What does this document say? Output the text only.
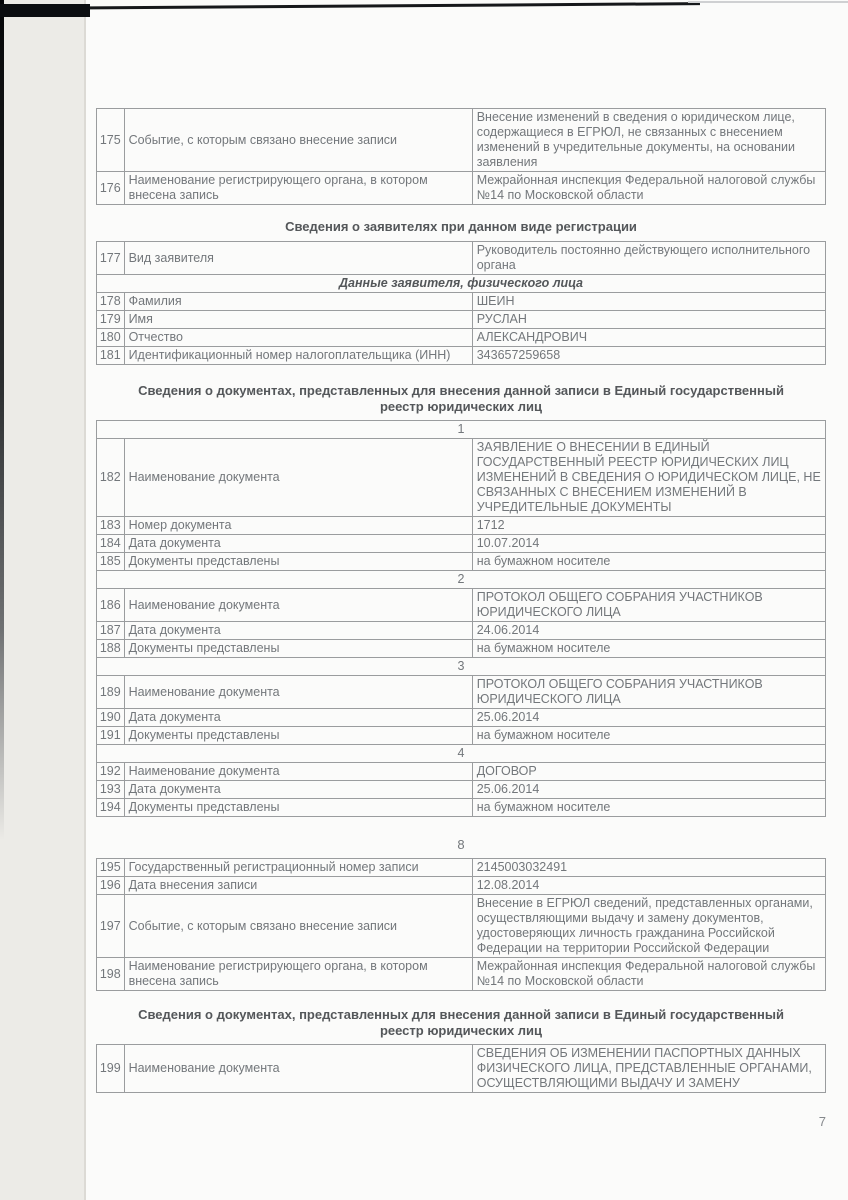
175	Событие, с которым связано внесение записи	Внесение изменений в сведения о юридическом лице, содержащиеся в ЕГРЮЛ, не связанных с внесением изменений в учредительные документы, на основании заявления
176	Наименование регистрирующего органа, в котором внесена запись	Межрайонная инспекция Федеральной налоговой службы №14 по Московской области
Сведения о заявителях при данном виде регистрации
177	Вид заявителя	Руководитель постоянно действующего исполнительного органа
Данные заявителя, физического лица		
178	Фамилия	ШЕИН
179	Имя	РУСЛАН
180	Отчество	АЛЕКСАНДРОВИЧ
181	Идентификационный номер налогоплательщика (ИНН)	343657259658
Сведения о документах, представленных для внесения данной записи в Единый государственный
реестр юридических лиц
1		
182	Наименование документа	ЗАЯВЛЕНИЕ О ВНЕСЕНИИ В ЕДИНЫЙ ГОСУДАРСТВЕННЫЙ РЕЕСТР ЮРИДИЧЕСКИХ ЛИЦ ИЗМЕНЕНИЙ В СВЕДЕНИЯ О ЮРИДИЧЕСКОМ ЛИЦЕ, НЕ СВЯЗАННЫХ С ВНЕСЕНИЕМ ИЗМЕНЕНИЙ В УЧРЕДИТЕЛЬНЫЕ ДОКУМЕНТЫ
183	Номер документа	1712
184	Дата документа	10.07.2014
185	Документы представлены	на бумажном носителе
2		
186	Наименование документа	ПРОТОКОЛ ОБЩЕГО СОБРАНИЯ УЧАСТНИКОВ ЮРИДИЧЕСКОГО ЛИЦА
187	Дата документа	24.06.2014
188	Документы представлены	на бумажном носителе
3		
189	Наименование документа	ПРОТОКОЛ ОБЩЕГО СОБРАНИЯ УЧАСТНИКОВ ЮРИДИЧЕСКОГО ЛИЦА
190	Дата документа	25.06.2014
191	Документы представлены	на бумажном носителе
4		
192	Наименование документа	ДОГОВОР
193	Дата документа	25.06.2014
194	Документы представлены	на бумажном носителе
8
195	Государственный регистрационный номер записи	2145003032491
196	Дата внесения записи	12.08.2014
197	Событие, с которым связано внесение записи	Внесение в ЕГРЮЛ сведений, представленных органами, осуществляющими выдачу и замену документов, удостоверяющих личность гражданина Российской Федерации на территории Российской Федерации
198	Наименование регистрирующего органа, в котором внесена запись	Межрайонная инспекция Федеральной налоговой службы №14 по Московской области
Сведения о документах, представленных для внесения данной записи в Единый государственный
реестр юридических лиц
199	Наименование документа	СВЕДЕНИЯ ОБ ИЗМЕНЕНИИ ПАСПОРТНЫХ ДАННЫХ ФИЗИЧЕСКОГО ЛИЦА, ПРЕДСТАВЛЕННЫЕ ОРГАНАМИ, ОСУЩЕСТВЛЯЮЩИМИ ВЫДАЧУ И ЗАМЕНУ
7
